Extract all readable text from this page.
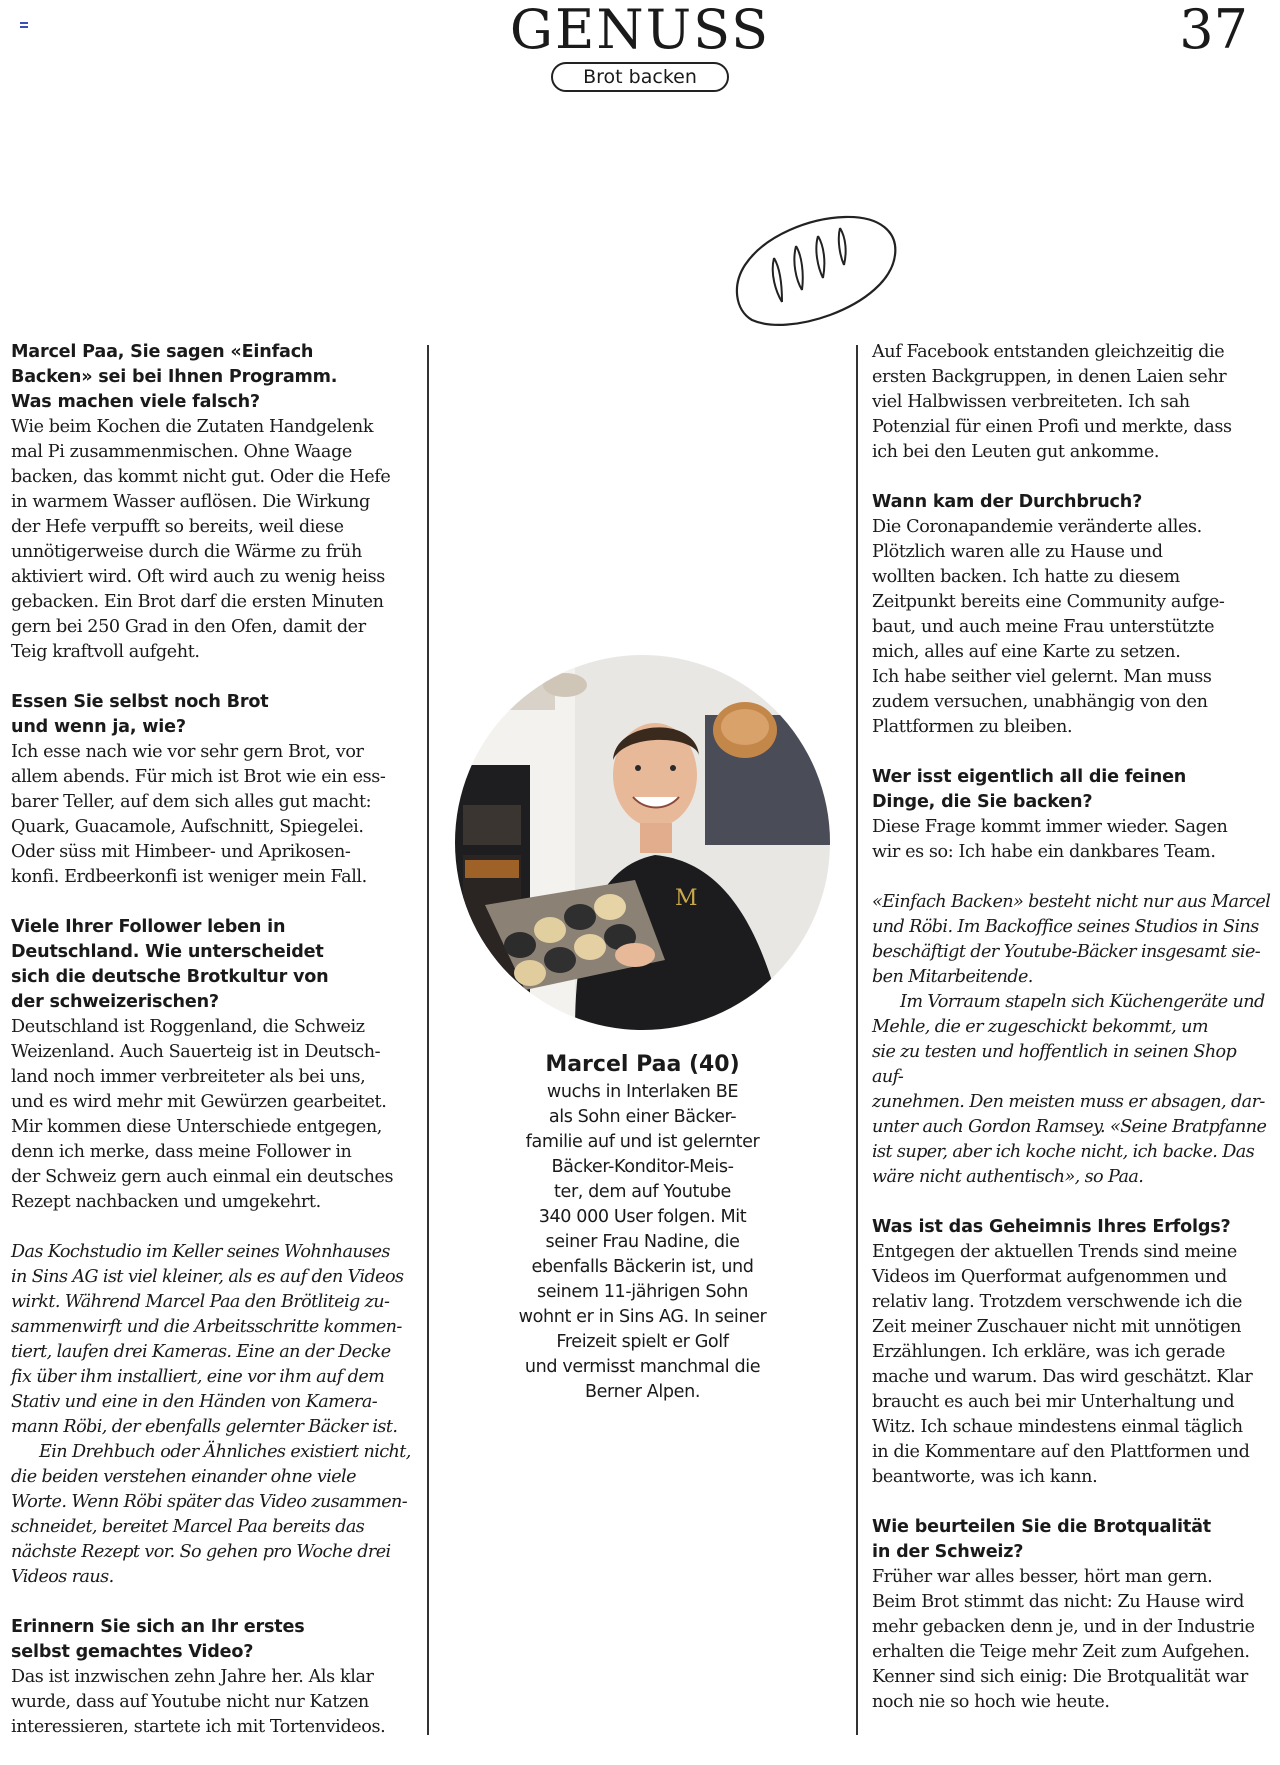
GENUSS
Brot backen
37

Marcel Paa, Sie sagen «Einfach
Backen» sei bei Ihnen Programm.
Was machen viele falsch?

Wie beim Kochen die Zutaten Handgelenk
mal Pi zusammenmischen. Ohne Waage
backen, das kommt nicht gut. Oder die Hefe
in warmem Wasser auflösen. Die Wirkung
der Hefe verpufft so bereits, weil diese
unnötigerweise durch die Wärme zu früh
aktiviert wird. Oft wird auch zu wenig heiss
gebacken. Ein Brot darf die ersten Minuten
gern bei 250 Grad in den Ofen, damit der
Teig kraftvoll aufgeht.

Essen Sie selbst noch Brot
und wenn ja, wie?

Ich esse nach wie vor sehr gern Brot, vor
allem abends. Für mich ist Brot wie ein ess-
barer Teller, auf dem sich alles gut macht:
Quark, Guacamole, Aufschnitt, Spiegelei.
Oder süss mit Himbeer- und Aprikosen-
konfi. Erdbeerkonfi ist weniger mein Fall.

Viele Ihrer Follower leben in
Deutschland. Wie unterscheidet
sich die deutsche Brotkultur von
der schweizerischen?

Deutschland ist Roggenland, die Schweiz
Weizenland. Auch Sauerteig ist in Deutsch-
land noch immer verbreiteter als bei uns,
und es wird mehr mit Gewürzen gearbeitet.
Mir kommen diese Unterschiede entgegen,
denn ich merke, dass meine Follower in
der Schweiz gern auch einmal ein deutsches
Rezept nachbacken und umgekehrt.

Das Kochstudio im Keller seines Wohnhauses
in Sins AG ist viel kleiner, als es auf den Videos
wirkt. Während Marcel Paa den Brötliteig zu-
sammenwirft und die Arbeitsschritte kommen-
tiert, laufen drei Kameras. Eine an der Decke
fix über ihm installiert, eine vor ihm auf dem
Stativ und eine in den Händen von Kamera-
mann Röbi, der ebenfalls gelernter Bäcker ist.

Ein Drehbuch oder Ähnliches existiert nicht,
die beiden verstehen einander ohne viele
Worte. Wenn Röbi später das Video zusammen-
schneidet, bereitet Marcel Paa bereits das
nächste Rezept vor. So gehen pro Woche drei
Videos raus.

Erinnern Sie sich an Ihr erstes
selbst gemachtes Video?

Das ist inzwischen zehn Jahre her. Als klar
wurde, dass auf Youtube nicht nur Katzen
interessieren, startete ich mit Tortenvideos.

M
Marcel Paa (40)
wuchs in Interlaken BE
als Sohn einer Bäcker-
familie auf und ist gelernter
Bäcker-Konditor-Meis-
ter, dem auf Youtube
340 000 User folgen. Mit
seiner Frau Nadine, die
ebenfalls Bäckerin ist, und
seinem 11-jährigen Sohn
wohnt er in Sins AG. In seiner
Freizeit spielt er Golf
und vermisst manchmal die
Berner Alpen.

Auf Facebook entstanden gleichzeitig die
ersten Backgruppen, in denen Laien sehr
viel Halbwissen verbreiteten. Ich sah
Potenzial für einen Profi und merkte, dass
ich bei den Leuten gut ankomme.

Wann kam der Durchbruch?

Die Coronapandemie veränderte alles.
Plötzlich waren alle zu Hause und
wollten backen. Ich hatte zu diesem
Zeitpunkt bereits eine Community aufge-
baut, und auch meine Frau unterstützte
mich, alles auf eine Karte zu setzen.
Ich habe seither viel gelernt. Man muss
zudem versuchen, unabhängig von den
Plattformen zu bleiben.

Wer isst eigentlich all die feinen
Dinge, die Sie backen?

Diese Frage kommt immer wieder. Sagen
wir es so: Ich habe ein dankbares Team.

«Einfach Backen» besteht nicht nur aus Marcel
und Röbi. Im Backoffice seines Studios in Sins
beschäftigt der Youtube-Bäcker insgesamt sie-
ben Mitarbeitende.

Im Vorraum stapeln sich Küchengeräte und
Mehle, die er zugeschickt bekommt, um
sie zu testen und hoffentlich in seinen Shop auf-
zunehmen. Den meisten muss er absagen, dar-
unter auch Gordon Ramsey. «Seine Bratpfanne
ist super, aber ich koche nicht, ich backe. Das
wäre nicht authentisch», so Paa.

Was ist das Geheimnis Ihres Erfolgs?

Entgegen der aktuellen Trends sind meine
Videos im Querformat aufgenommen und
relativ lang. Trotzdem verschwende ich die
Zeit meiner Zuschauer nicht mit unnötigen
Erzählungen. Ich erkläre, was ich gerade
mache und warum. Das wird geschätzt. Klar
braucht es auch bei mir Unterhaltung und
Witz. Ich schaue mindestens einmal täglich
in die Kommentare auf den Plattformen und
beantworte, was ich kann.

Wie beurteilen Sie die Brotqualität
in der Schweiz?

Früher war alles besser, hört man gern.
Beim Brot stimmt das nicht: Zu Hause wird
mehr gebacken denn je, und in der Industrie
erhalten die Teige mehr Zeit zum Aufgehen.
Kenner sind sich einig: Die Brotqualität war
noch nie so hoch wie heute.
